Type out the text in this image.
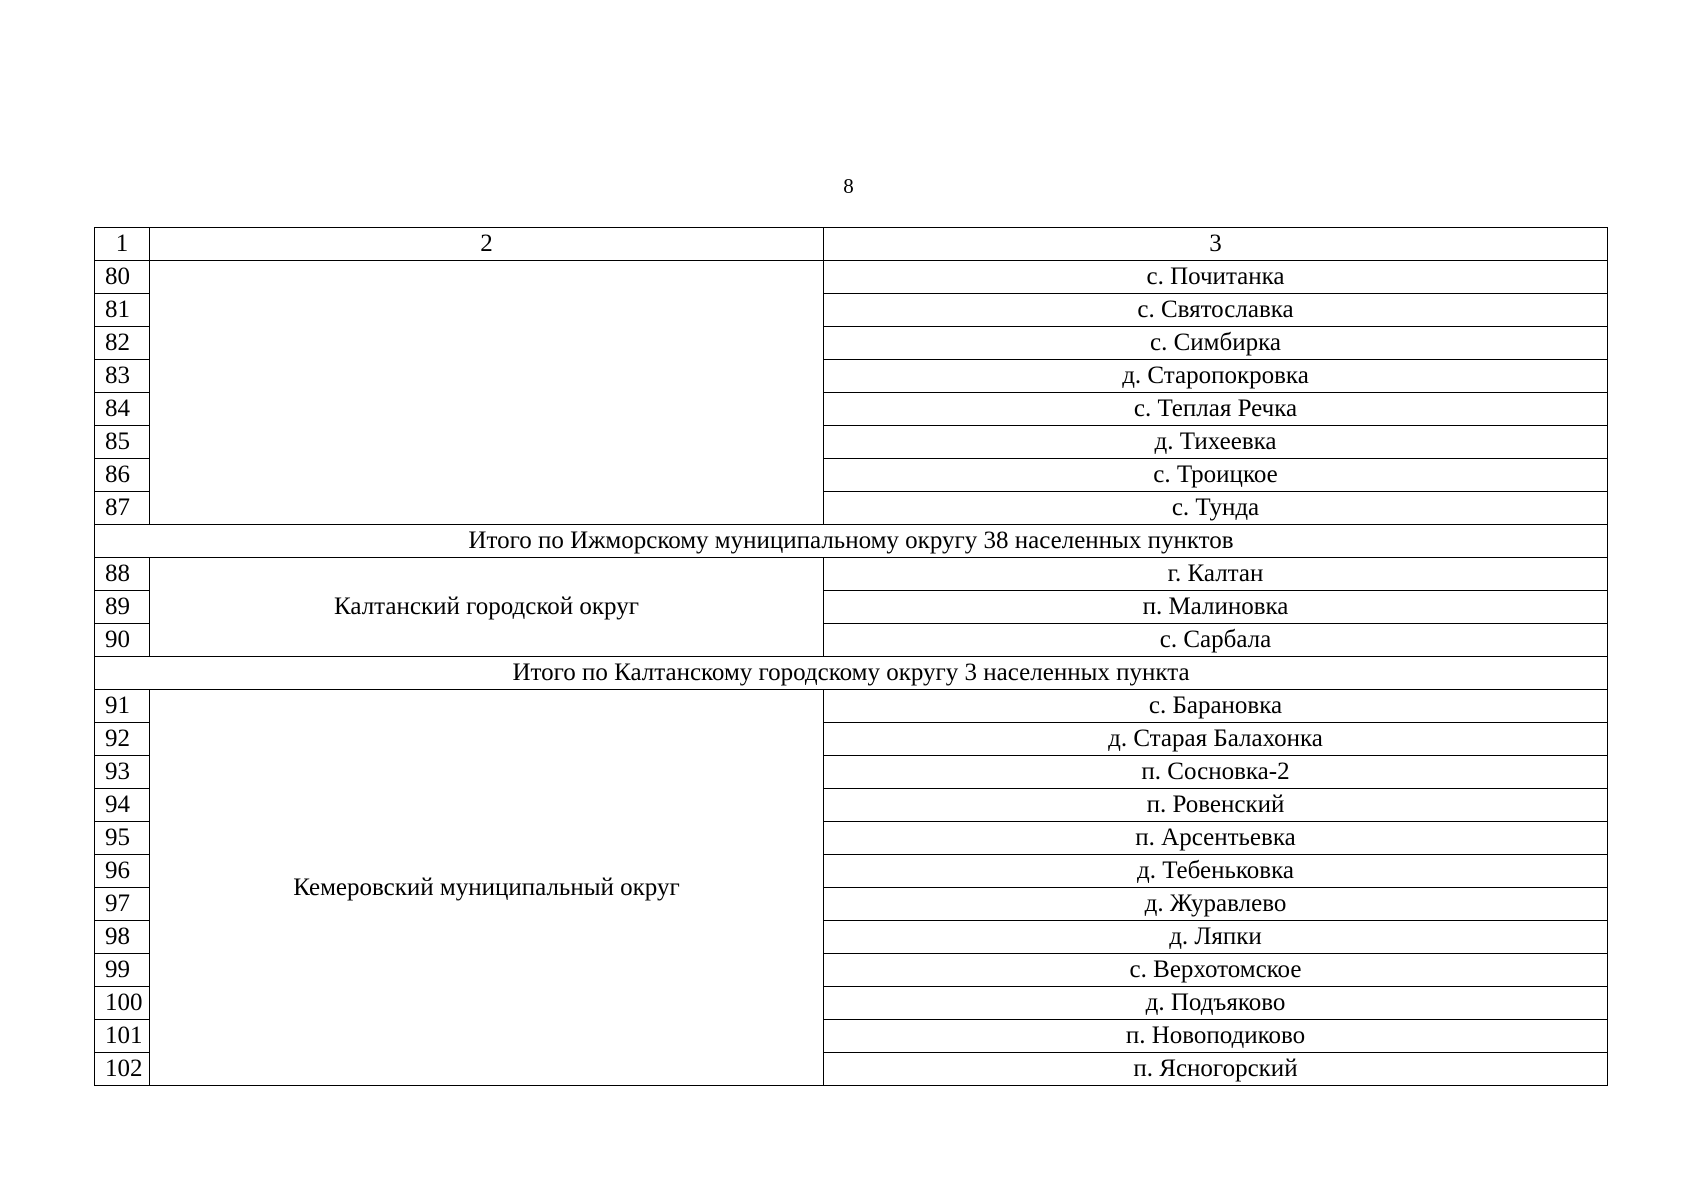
8
1	2	3
80		с. Почитанка
81		с. Святославка
82		с. Симбирка
83		д. Старопокровка
84		с. Теплая Речка
85		д. Тихеевка
86		с. Троицкое
87		с. Тунда
Итого по Ижморскому муниципальному округу 38 населенных пунктов		
88	Калтанский городской округ	г. Калтан
89		п. Малиновка
90		с. Сарбала
Итого по Калтанскому городскому округу 3 населенных пункта		
91	Кемеровский муниципальный округ	с. Барановка
92		д. Старая Балахонка
93		п. Сосновка-2
94		п. Ровенский
95		п. Арсентьевка
96		д. Тебеньковка
97		д. Журавлево
98		д. Ляпки
99		с. Верхотомское
100		д. Подъяково
101		п. Новоподиково
102		п. Ясногорский
